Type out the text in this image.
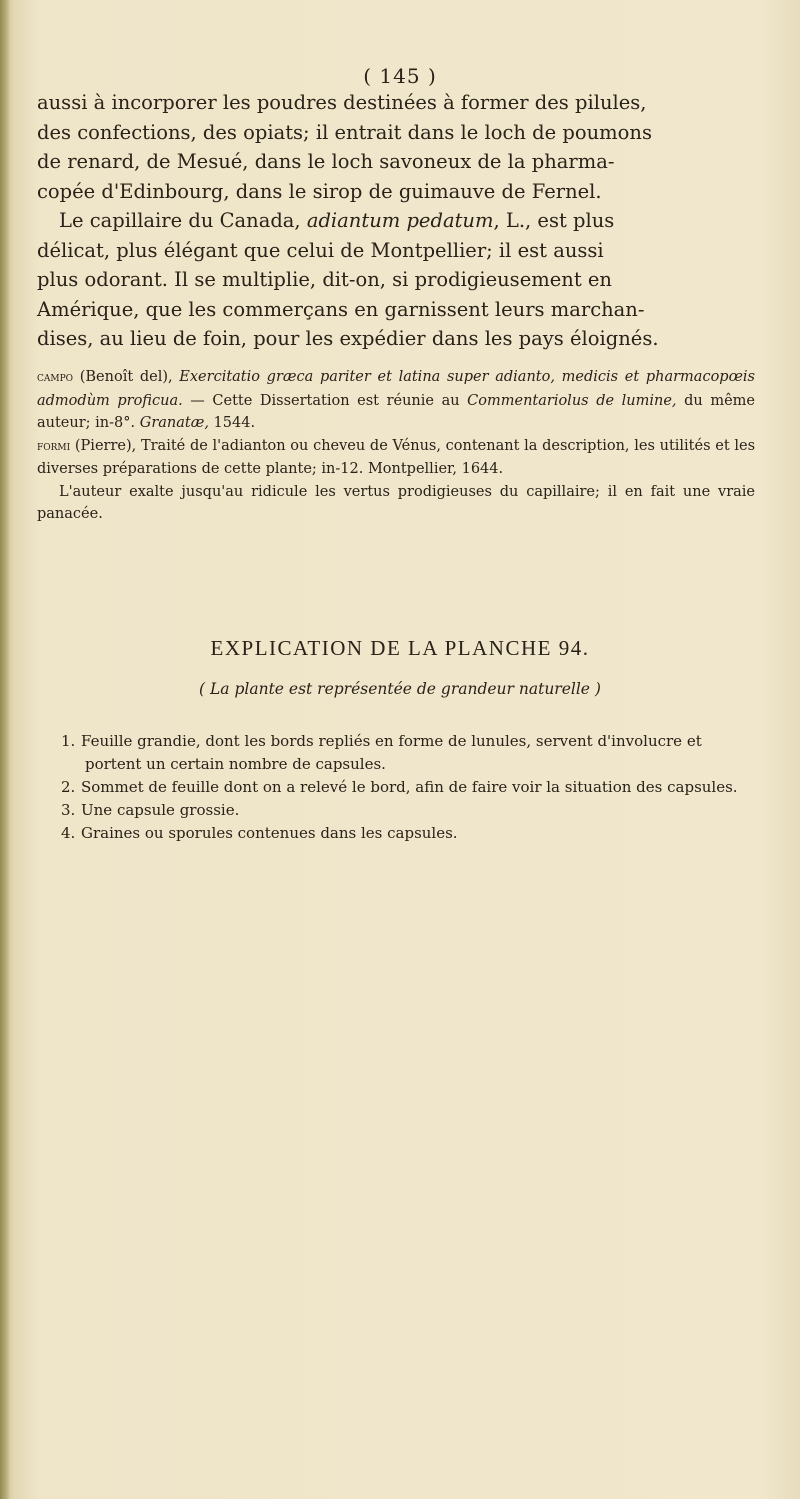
( 145 )

aussi à incorporer les poudres destinées à former des pilules,
des confections, des opiats; il entrait dans le loch de poumons
de renard, de Mesué, dans le loch savoneux de la pharma-
copée d'Edinbourg, dans le sirop de guimauve de Fernel.

Le capillaire du Canada, adiantum pedatum, L., est plus
délicat, plus élégant que celui de Montpellier; il est aussi
plus odorant. Il se multiplie, dit-on, si prodigieusement en
Amérique, que les commerçans en garnissent leurs marchan-
dises, au lieu de foin, pour les expédier dans les pays éloignés.

campo (Benoît del), Exercitatio græca pariter et latina super adianto, medicis et pharmacopœis admodùm proficua. — Cette Dissertation est réunie au Commentariolus de lumine, du même auteur; in-8°. Granatæ, 1544.

formi (Pierre), Traité de l'adianton ou cheveu de Vénus, contenant la description, les utilités et les diverses préparations de cette plante; in-12. Montpellier, 1644.

L'auteur exalte jusqu'au ridicule les vertus prodigieuses du capillaire; il en fait une vraie panacée.

EXPLICATION DE LA PLANCHE 94.
( La plante est représentée de grandeur naturelle )
1. Feuille grandie, dont les bords repliés en forme de lunules, servent d'involucre et portent un certain nombre de capsules.
2. Sommet de feuille dont on a relevé le bord, afin de faire voir la situation des capsules.
3. Une capsule grossie.
4. Graines ou sporules contenues dans les capsules.
